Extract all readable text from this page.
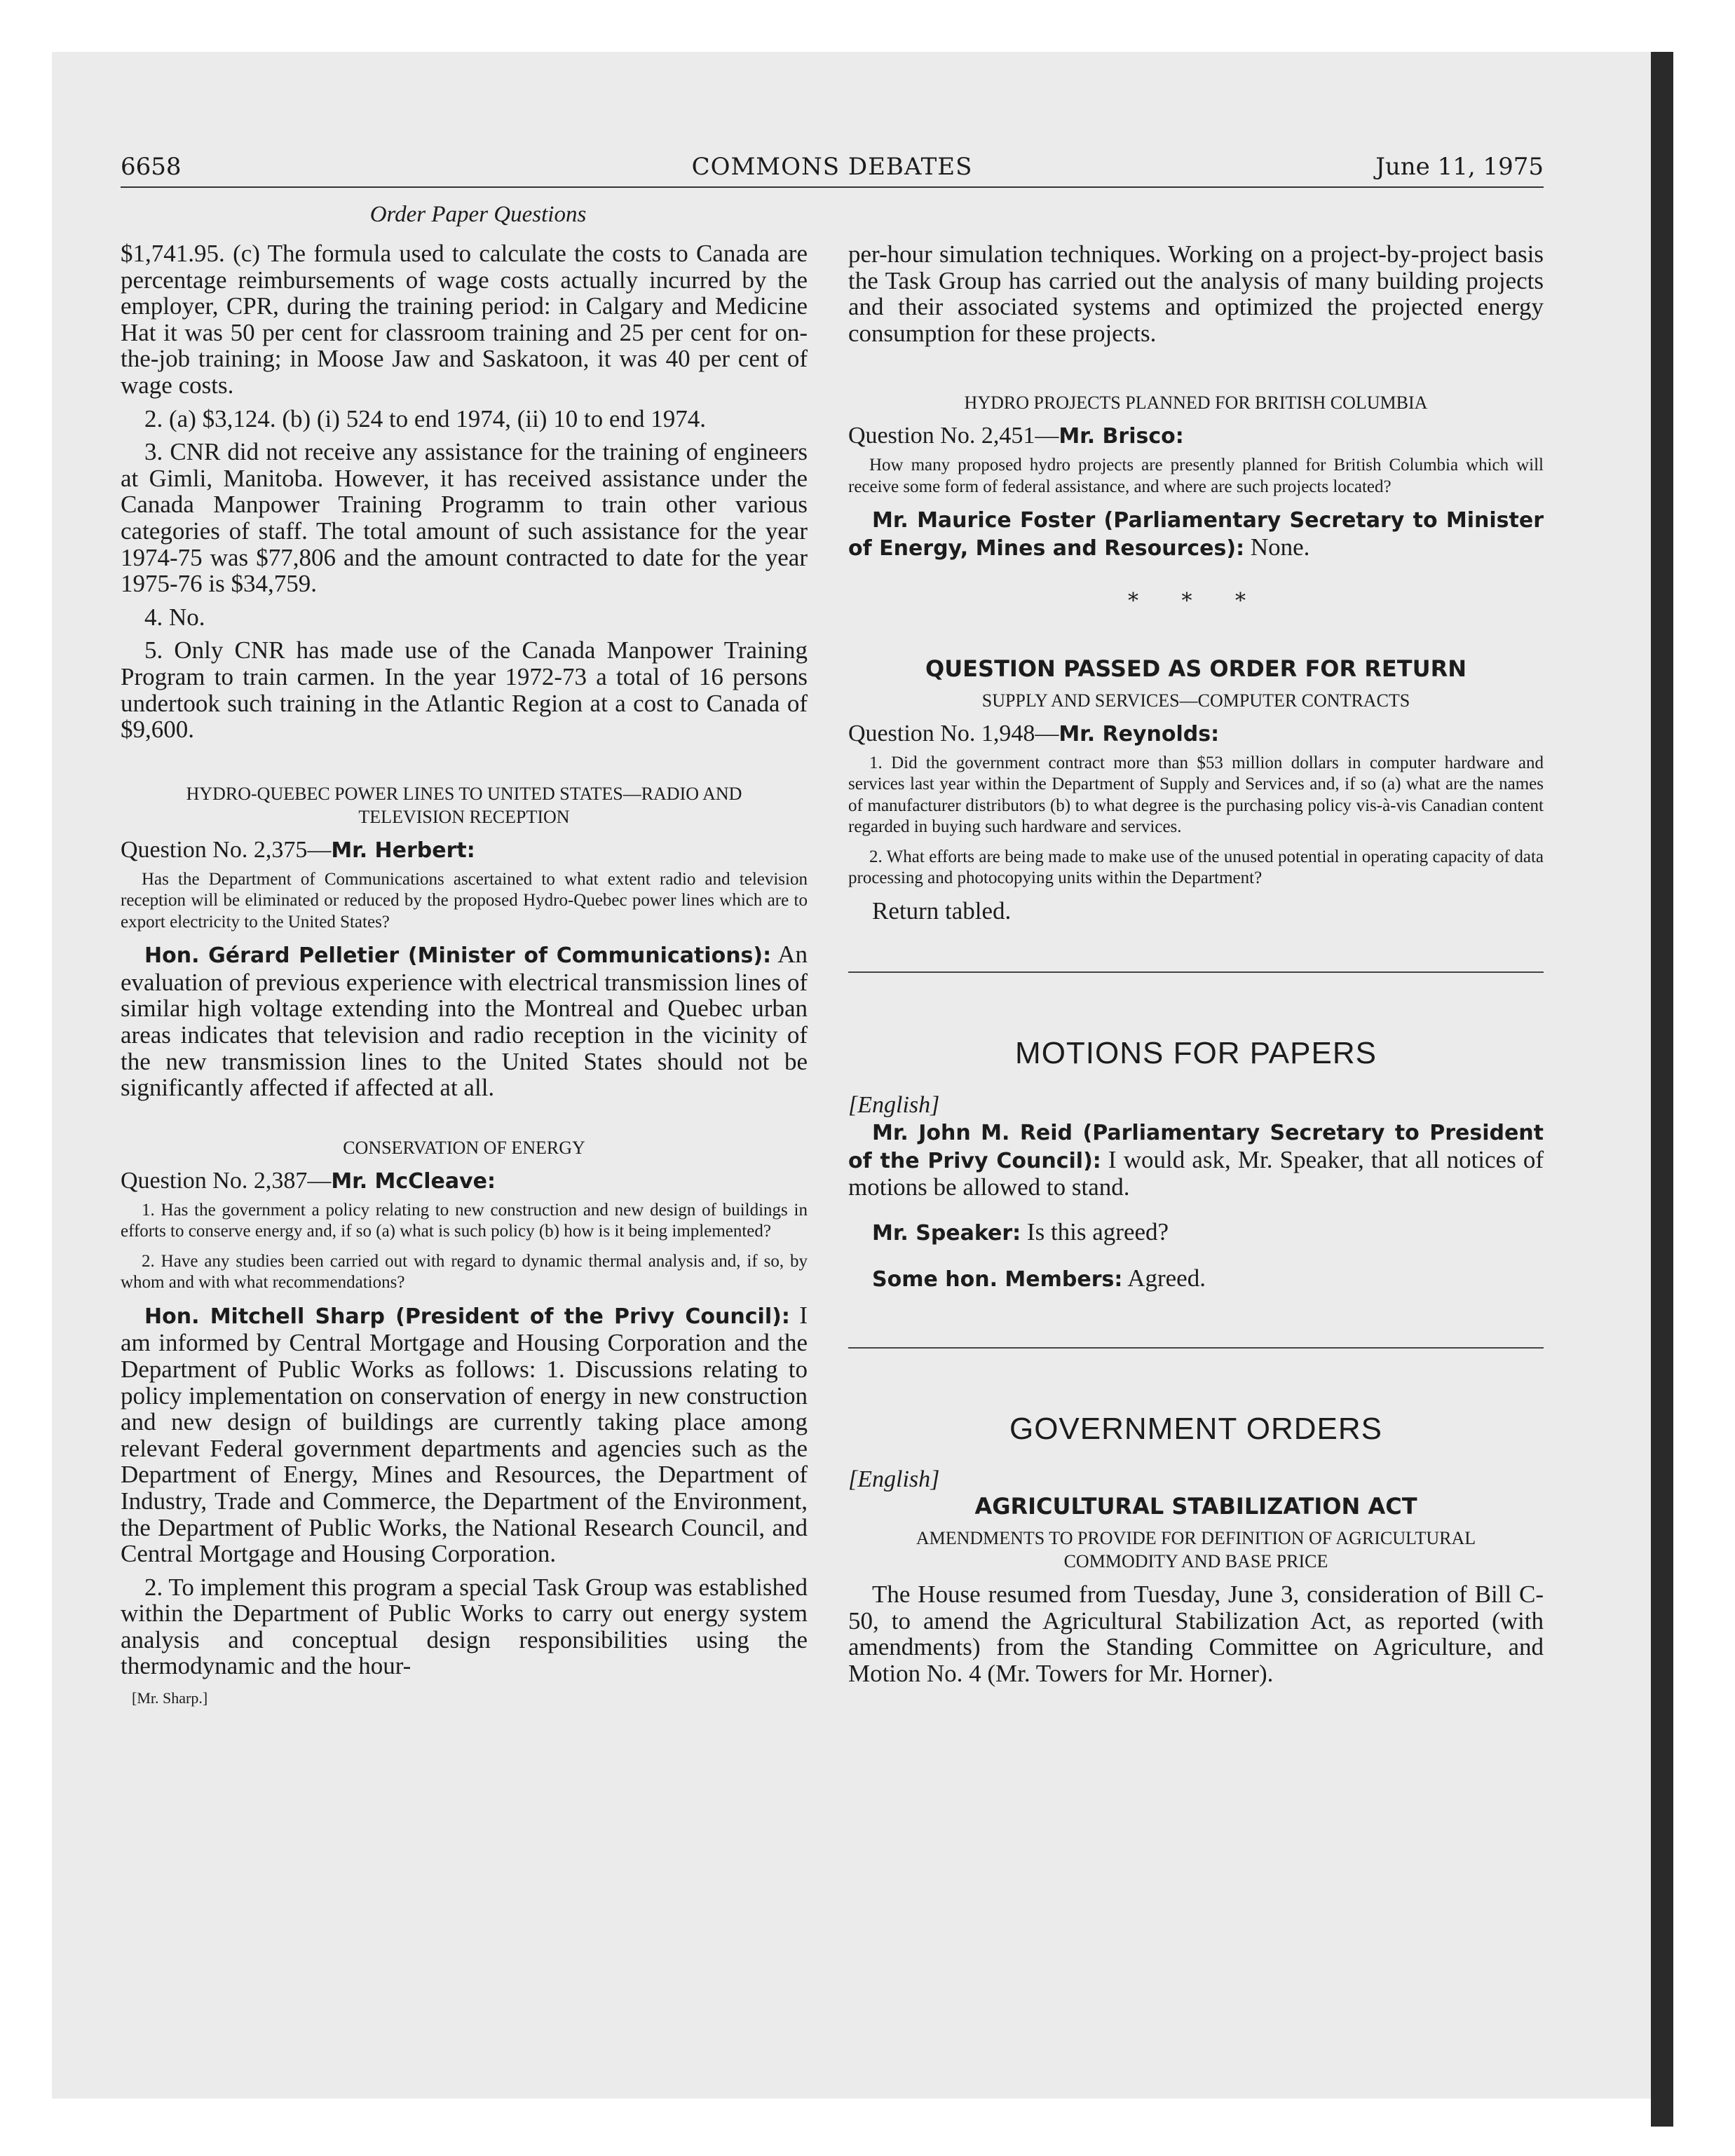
6658	COMMONS DEBATES	June 11, 1975

Order Paper Questions

$1,741.95. (c) The formula used to calculate the costs to Canada are percentage reimbursements of wage costs actually incurred by the employer, CPR, during the training period: in Calgary and Medicine Hat it was 50 per cent for classroom training and 25 per cent for on-the-job training; in Moose Jaw and Saskatoon, it was 40 per cent of wage costs.

2. (a) $3,124. (b) (i) 524 to end 1974, (ii) 10 to end 1974.

3. CNR did not receive any assistance for the training of engineers at Gimli, Manitoba. However, it has received assistance under the Canada Manpower Training Programm to train other various categories of staff. The total amount of such assistance for the year 1974-75 was $77,806 and the amount contracted to date for the year 1975-76 is $34,759.

4. No.

5. Only CNR has made use of the Canada Manpower Training Program to train carmen. In the year 1972-73 a total of 16 persons undertook such training in the Atlantic Region at a cost to Canada of $9,600.

HYDRO-QUEBEC POWER LINES TO UNITED STATES—RADIO AND TELEVISION RECEPTION

Question No. 2,375—Mr. Herbert:

Has the Department of Communications ascertained to what extent radio and television reception will be eliminated or reduced by the proposed Hydro-Quebec power lines which are to export electricity to the United States?

Hon. Gérard Pelletier (Minister of Communications): An evaluation of previous experience with electrical transmission lines of similar high voltage extending into the Montreal and Quebec urban areas indicates that television and radio reception in the vicinity of the new transmission lines to the United States should not be significantly affected if affected at all.

CONSERVATION OF ENERGY

Question No. 2,387—Mr. McCleave:

1. Has the government a policy relating to new construction and new design of buildings in efforts to conserve energy and, if so (a) what is such policy (b) how is it being implemented?

2. Have any studies been carried out with regard to dynamic thermal analysis and, if so, by whom and with what recommendations?

Hon. Mitchell Sharp (President of the Privy Council): I am informed by Central Mortgage and Housing Corporation and the Department of Public Works as follows: 1. Discussions relating to policy implementation on conservation of energy in new construction and new design of buildings are currently taking place among relevant Federal government departments and agencies such as the Department of Energy, Mines and Resources, the Department of Industry, Trade and Commerce, the Department of the Environment, the Department of Public Works, the National Research Council, and Central Mortgage and Housing Corporation.

2. To implement this program a special Task Group was established within the Department of Public Works to carry out energy system analysis and conceptual design responsibilities using the thermodynamic and the hour-

[Mr. Sharp.]

per-hour simulation techniques. Working on a project-by-project basis the Task Group has carried out the analysis of many building projects and their associated systems and optimized the projected energy consumption for these projects.

HYDRO PROJECTS PLANNED FOR BRITISH COLUMBIA

Question No. 2,451—Mr. Brisco:

How many proposed hydro projects are presently planned for British Columbia which will receive some form of federal assistance, and where are such projects located?

Mr. Maurice Foster (Parliamentary Secretary to Minister of Energy, Mines and Resources): None.

* * *

QUESTION PASSED AS ORDER FOR RETURN

SUPPLY AND SERVICES—COMPUTER CONTRACTS

Question No. 1,948—Mr. Reynolds:

1. Did the government contract more than $53 million dollars in computer hardware and services last year within the Department of Supply and Services and, if so (a) what are the names of manufacturer distributors (b) to what degree is the purchasing policy vis-à-vis Canadian content regarded in buying such hardware and services.

2. What efforts are being made to make use of the unused potential in operating capacity of data processing and photocopying units within the Department?

Return tabled.

MOTIONS FOR PAPERS

[English]

Mr. John M. Reid (Parliamentary Secretary to President of the Privy Council): I would ask, Mr. Speaker, that all notices of motions be allowed to stand.

Mr. Speaker: Is this agreed?

Some hon. Members: Agreed.

GOVERNMENT ORDERS

[English]

AGRICULTURAL STABILIZATION ACT

AMENDMENTS TO PROVIDE FOR DEFINITION OF AGRICULTURAL COMMODITY AND BASE PRICE

The House resumed from Tuesday, June 3, consideration of Bill C-50, to amend the Agricultural Stabilization Act, as reported (with amendments) from the Standing Committee on Agriculture, and Motion No. 4 (Mr. Towers for Mr. Horner).
